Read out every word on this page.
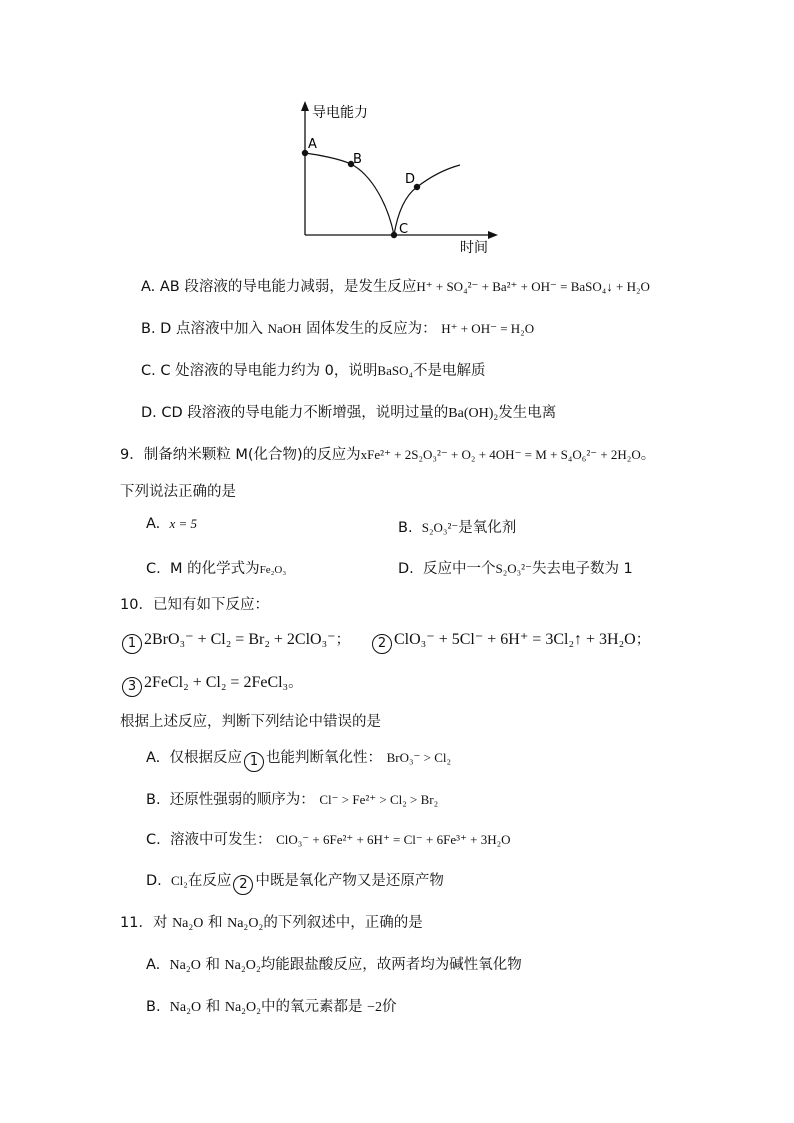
导电能力
时间
A
B
C
D
A. AB 段溶液的导电能力减弱，是发生反应H⁺ + SO₄²⁻ + Ba²⁺ + OH⁻ = BaSO₄↓ + H₂O
B. D 点溶液中加入 NaOH 固体发生的反应为： H⁺ + OH⁻ = H₂O
C. C 处溶液的导电能力约为 0，说明BaSO₄不是电解质
D. CD 段溶液的导电能力不断增强，说明过量的Ba(OH)₂发生电离
9．制备纳米颗粒 M(化合物)的反应为xFe²⁺ + 2S₂O₃²⁻ + O₂ + 4OH⁻ = M + S₄O₆²⁻ + 2H₂O。
下列说法正确的是
A. x = 5	B. S₂O₃²⁻是氧化剂
C. M 的化学式为Fe₂O₃	D. 反应中一个S₂O₃²⁻失去电子数为 1
10．已知有如下反应：
1 2BrO₃⁻ + Cl₂ = Br₂ + 2ClO₃⁻；	2 ClO₃⁻ + 5Cl⁻ + 6H⁺ = 3Cl₂↑ + 3H₂O；
3 2FeCl₂ + Cl₂ = 2FeCl₃。
根据上述反应，判断下列结论中错误的是
A. 仅根据反应 1 也能判断氧化性： BrO₃⁻ > Cl₂
B. 还原性强弱的顺序为： Cl⁻ > Fe²⁺ > Cl₂ > Br₂
C. 溶液中可发生： ClO₃⁻ + 6Fe²⁺ + 6H⁺ = Cl⁻ + 6Fe³⁺ + 3H₂O
D. Cl₂在反应 2 中既是氧化产物又是还原产物
11．对 Na₂O 和 Na₂O₂的下列叙述中，正确的是
A. Na₂O 和 Na₂O₂均能跟盐酸反应，故两者均为碱性氧化物
B. Na₂O 和 Na₂O₂中的氧元素都是 −2价
